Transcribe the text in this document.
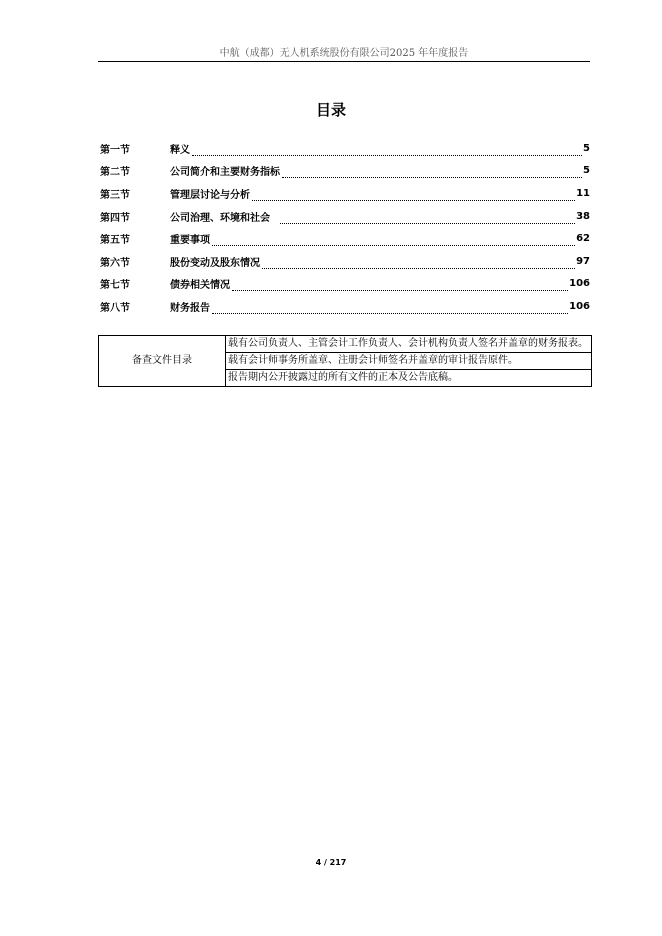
中航（成都）无人机系统股份有限公司2025 年年度报告
目录
第一节	释义	5
第二节	公司简介和主要财务指标	5
第三节	管理层讨论与分析	11
第四节	公司治理、环境和社会	38
第五节	重要事项	62
第六节	股份变动及股东情况	97
第七节	债券相关情况	106
第八节	财务报告	106
备查文件目录	载有公司负责人、主管会计工作负责人、会计机构负责人签名并盖章的财务报表。
载有会计师事务所盖章、注册会计师签名并盖章的审计报告原件。
报告期内公开披露过的所有文件的正本及公告底稿。
4 / 217
